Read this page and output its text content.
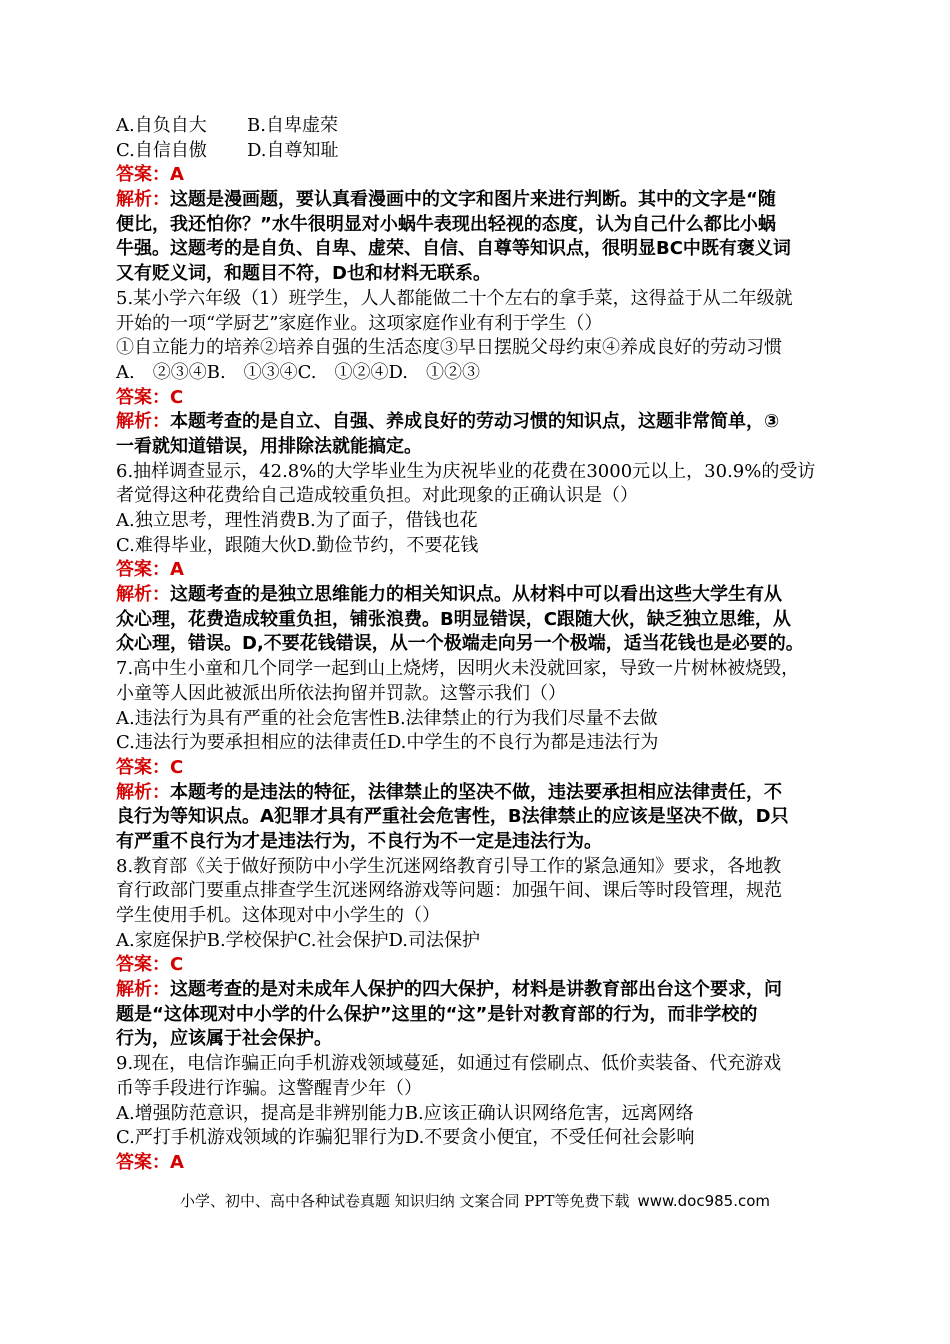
A.自负自大 B.自卑虚荣
C.自信自傲 D.自尊知耻
答案：A
解析：这题是漫画题，要认真看漫画中的文字和图片来进行判断。其中的文字是“随
便比，我还怕你？”水牛很明显对小蜗牛表现出轻视的态度，认为自己什么都比小蜗
牛强。这题考的是自负、自卑、虚荣、自信、自尊等知识点，很明显BC中既有褒义词
又有贬义词，和题目不符，D也和材料无联系。
5.某小学六年级（1）班学生，人人都能做二十个左右的拿手菜，这得益于从二年级就
开始的一项“学厨艺”家庭作业。这项家庭作业有利于学生（）
①自立能力的培养②培养自强的生活态度③早日摆脱父母约束④养成良好的劳动习惯
A.　②③④B.　①③④C.　①②④D.　①②③
答案：C
解析：本题考查的是自立、自强、养成良好的劳动习惯的知识点，这题非常简单，③
一看就知道错误，用排除法就能搞定。
6.抽样调查显示，42.8%的大学毕业生为庆祝毕业的花费在3000元以上，30.9%的受访
者觉得这种花费给自己造成较重负担。对此现象的正确认识是（）
A.独立思考，理性消费B.为了面子，借钱也花
C.难得毕业，跟随大伙D.勤俭节约，不要花钱
答案：A
解析：这题考查的是独立思维能力的相关知识点。从材料中可以看出这些大学生有从
众心理，花费造成较重负担，铺张浪费。B明显错误，C跟随大伙，缺乏独立思维，从
众心理，错误。D,不要花钱错误，从一个极端走向另一个极端，适当花钱也是必要的。
7.高中生小童和几个同学一起到山上烧烤，因明火未没就回家，导致一片树林被烧毁，
小童等人因此被派出所依法拘留并罚款。这警示我们（）
A.违法行为具有严重的社会危害性B.法律禁止的行为我们尽量不去做
C.违法行为要承担相应的法律责任D.中学生的不良行为都是违法行为
答案：C
解析：本题考的是违法的特征，法律禁止的坚决不做，违法要承担相应法律责任，不
良行为等知识点。A犯罪才具有严重社会危害性，B法律禁止的应该是坚决不做，D只
有严重不良行为才是违法行为，不良行为不一定是违法行为。
8.教育部《关于做好预防中小学生沉迷网络教育引导工作的紧急通知》要求，各地教
育行政部门要重点排查学生沉迷网络游戏等问题：加强午间、课后等时段管理，规范
学生使用手机。这体现对中小学生的（）
A.家庭保护B.学校保护C.社会保护D.司法保护
答案：C
解析：这题考查的是对未成年人保护的四大保护，材料是讲教育部出台这个要求，问
题是“这体现对中小学的什么保护”这里的“这”是针对教育部的行为，而非学校的
行为，应该属于社会保护。
9.现在，电信诈骗正向手机游戏领域蔓延，如通过有偿刷点、低价卖装备、代充游戏
币等手段进行诈骗。这警醒青少年（）
A.增强防范意识，提高是非辨别能力B.应该正确认识网络危害，远离网络
C.严打手机游戏领域的诈骗犯罪行为D.不要贪小便宜，不受任何社会影响
答案：A
小学、初中、高中各种试卷真题 知识归纳 文案合同 PPT等免费下载 www.doc985.com
